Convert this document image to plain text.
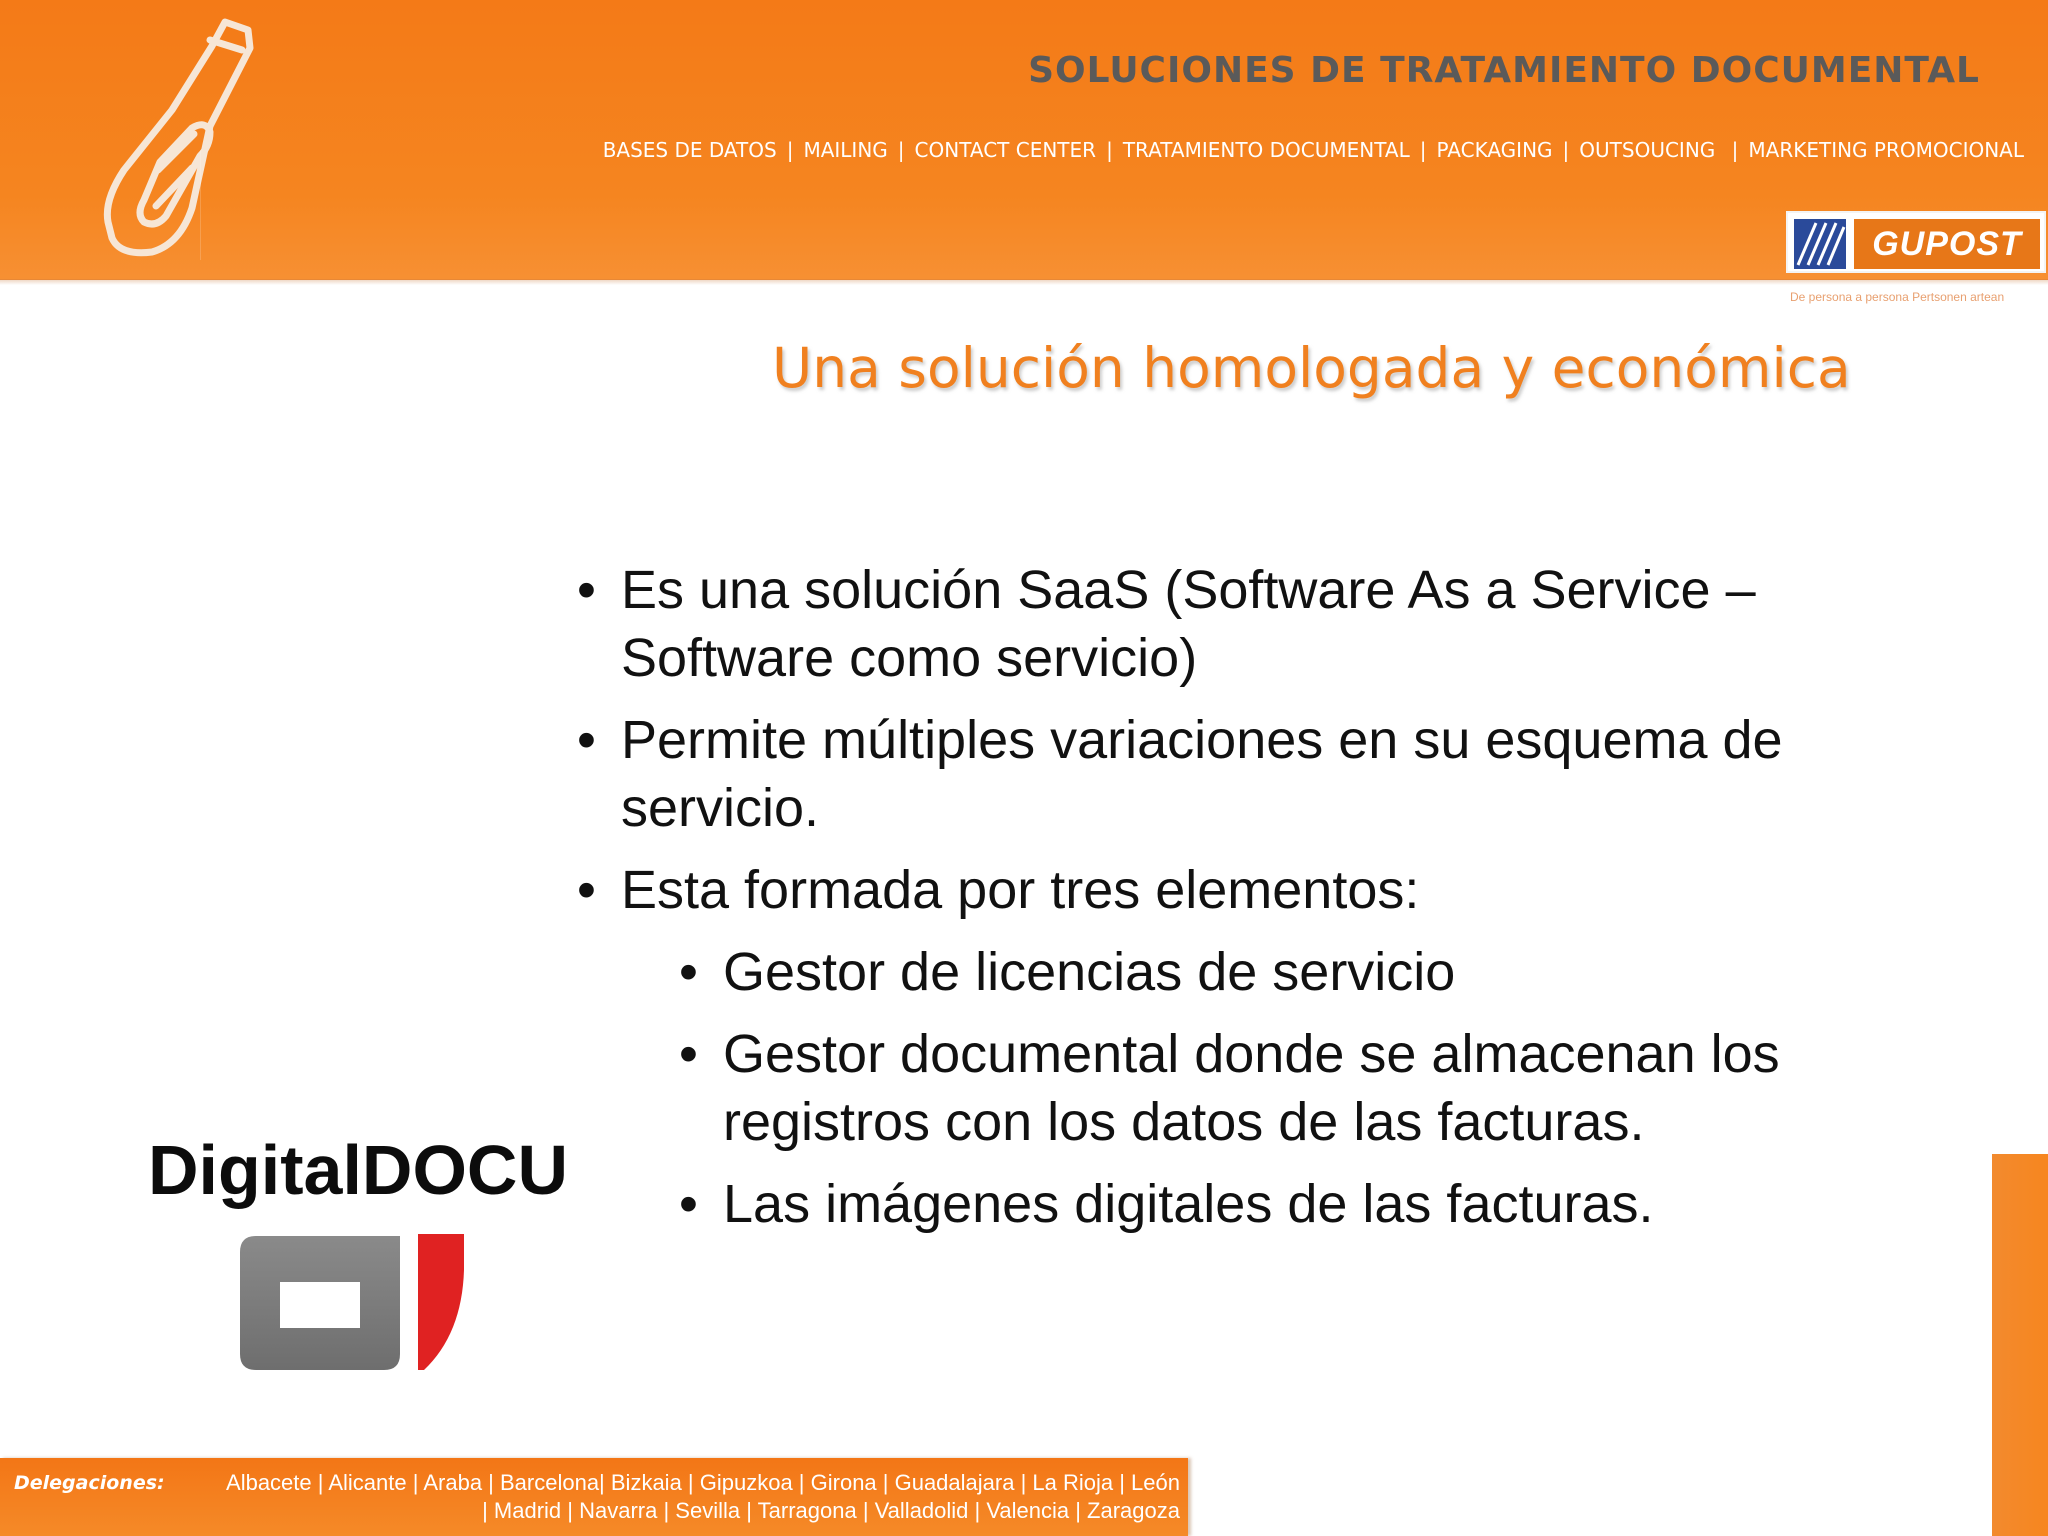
SOLUCIONES DE TRATAMIENTO DOCUMENTAL
BASES DE DATOS | MAILING | CONTACT CENTER | TRATAMIENTO DOCUMENTAL | PACKAGING | OUTSOUCING | MARKETING PROMOCIONAL
GUPOST
De persona a persona Pertsonen artean
Una solución homologada y económica
• Es una solución SaaS (Software As a Service – Software como servicio)
• Permite múltiples variaciones en su esquema de servicio.
• Esta formada por tres elementos:
• Gestor de licencias de servicio
• Gestor documental donde se almacenan los registros con los datos de las facturas.
• Las imágenes digitales de las facturas.
DigitalDOCU
Delegaciones:	Albacete | Alicante | Araba | Barcelona| Bizkaia | Gipuzkoa | Girona | Guadalajara | La Rioja | León
| Madrid | Navarra | Sevilla | Tarragona | Valladolid | Valencia | Zaragoza
